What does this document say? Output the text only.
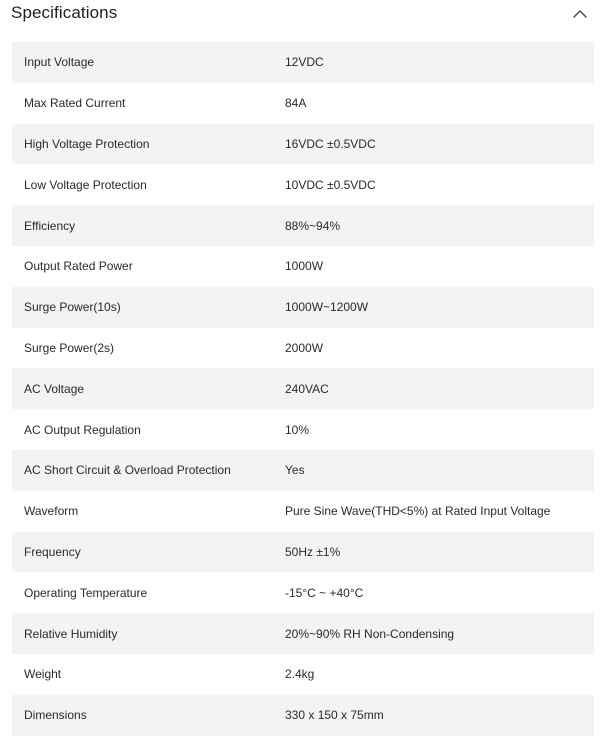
Specifications
Input Voltage	12VDC
Max Rated Current	84A
High Voltage Protection	16VDC ±0.5VDC
Low Voltage Protection	10VDC ±0.5VDC
Efficiency	88%~94%
Output Rated Power	1000W
Surge Power(10s)	1000W~1200W
Surge Power(2s)	2000W
AC Voltage	240VAC
AC Output Regulation	10%
AC Short Circuit & Overload Protection	Yes
Waveform	Pure Sine Wave(THD<5%) at Rated Input Voltage
Frequency	50Hz ±1%
Operating Temperature	-15°C ~ +40°C
Relative Humidity	20%~90% RH Non-Condensing
Weight	2.4kg
Dimensions	330 x 150 x 75mm
